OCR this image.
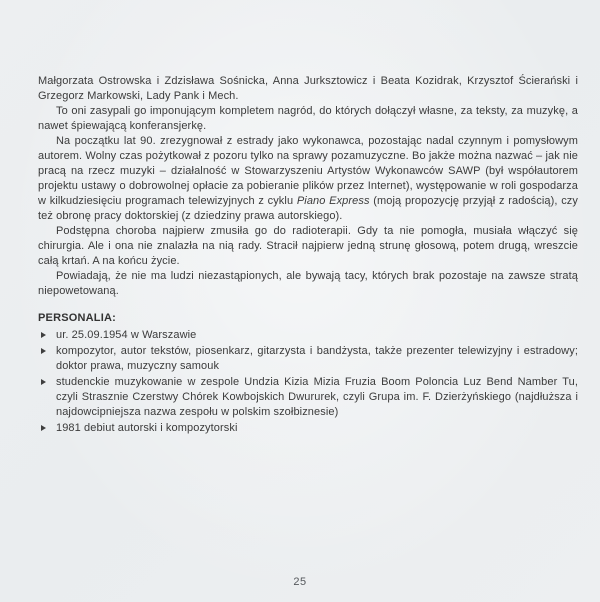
Małgorzata Ostrowska i Zdzisława Sośnicka, Anna Jurksztowicz i Beata Kozidrak, Krzysztof Ścierański i Grzegorz Markowski, Lady Pank i Mech.

To oni zasypali go imponującym kompletem nagród, do których dołączył własne, za teksty, za muzykę, a nawet śpiewającą konferansjerkę.

Na początku lat 90. zrezygnował z estrady jako wykonawca, pozostając nadal czynnym i pomysłowym autorem. Wolny czas pożytkował z pozoru tylko na sprawy pozamuzyczne. Bo jakże można nazwać – jak nie pracą na rzecz muzyki – działalność w Stowarzyszeniu Artystów Wykonawców SAWP (był współautorem projektu ustawy o dobrowolnej opłacie za pobieranie plików przez Internet), występowanie w roli gospodarza w kilkudziesięciu programach telewizyjnych z cyklu Piano Express (moją propozycję przyjął z radością), czy też obronę pracy doktorskiej (z dziedziny prawa autorskiego).

Podstępna choroba najpierw zmusiła go do radioterapii. Gdy ta nie pomogła, musiała włączyć się chirurgia. Ale i ona nie znalazła na nią rady. Stracił najpierw jedną strunę głosową, potem drugą, wreszcie całą krtań. A na końcu życie.

Powiadają, że nie ma ludzi niezastąpionych, ale bywają tacy, których brak pozostaje na zawsze stratą niepowetowaną.

PERSONALIA:
ur. 25.09.1954 w Warszawie
kompozytor, autor tekstów, piosenkarz, gitarzysta i bandżysta, także prezenter telewizyjny i estradowy; doktor prawa, muzyczny samouk
studenckie muzykowanie w zespole Undzia Kizia Mizia Fruzia Boom Poloncia Luz Bend Namber Tu, czyli Strasznie Czerstwy Chórek Kowbojskich Dwururek, czyli Grupa im. F. Dzierżyńskiego (najdłuższa i najdowcipniejsza nazwa zespołu w polskim szołbiznesie)
1981 debiut autorski i kompozytorski
25
